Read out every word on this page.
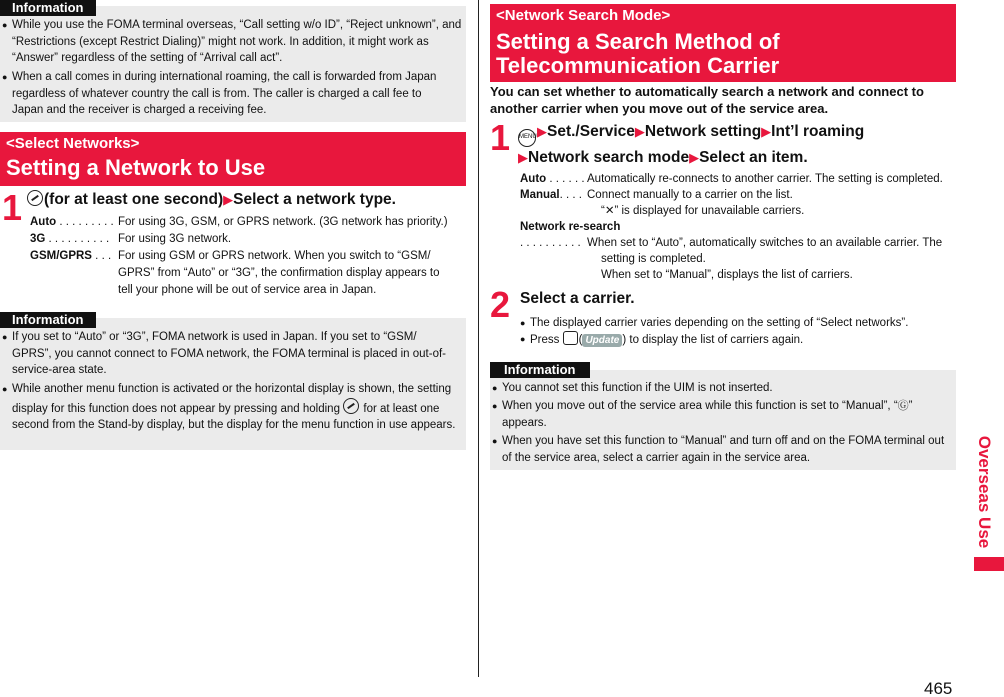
Information
● While you use the FOMA terminal overseas, “Call setting w/o ID”, “Reject unknown”, and “Restrictions (except Restrict Dialing)” might not work. In addition, it might work as “Answer” regardless of the setting of “Arrival call act”.
● When a call comes in during international roaming, the call is forwarded from Japan regardless of whatever country the call is from. The caller is charged a call fee to Japan and the receiver is charged a receiving fee.
<Select Networks>
Setting a Network to Use
1	(for at least one second)▶Select a network type.
Auto . . . . . . . . . For using 3G, GSM, or GPRS network. (3G network has priority.)
3G . . . . . . . . . . For using 3G network.
GSM/GPRS . . . For using GSM or GPRS network. When you switch to “GSM/
GPRS” from “Auto” or “3G”, the confirmation display appears to
tell your phone will be out of service area in Japan.
Information
● If you set to “Auto” or “3G”, FOMA network is used in Japan. If you set to “GSM/ GPRS”, you cannot connect to FOMA network, the FOMA terminal is placed in out-of-service-area state.
● While another menu function is activated or the horizontal display is shown, the setting display for this function does not appear by pressing and holding for at least one second from the Stand-by display, but the display for the menu function in use appears.
<Network Search Mode>
Setting a Search Method of
Telecommunication Carrier
You can set whether to automatically search a network and connect to another carrier when you move out of the service area.
1 MENU▶Set./Service▶Network setting▶Int’l roaming
▶Network search mode▶Select an item.
Auto . . . . . . Automatically re-connects to another carrier. The setting is completed.
Manual. . . . Connect manually to a carrier on the list.
“✕” is displayed for unavailable carriers.
Network re-search
. . . . . . . . . . When set to “Auto”, automatically switches to an available carrier. The
setting is completed.
When set to “Manual”, displays the list of carriers.
2 Select a carrier.
● The displayed carrier varies depending on the setting of “Select networks”.
● Press ( Update ) to display the list of carriers again.
Information
● You cannot set this function if the UIM is not inserted.
● When you move out of the service area while this function is set to “Manual”, “Ⓖ” appears.
● When you have set this function to “Manual” and turn off and on the FOMA terminal out of the service area, select a carrier again in the service area.	Overseas Use
465
